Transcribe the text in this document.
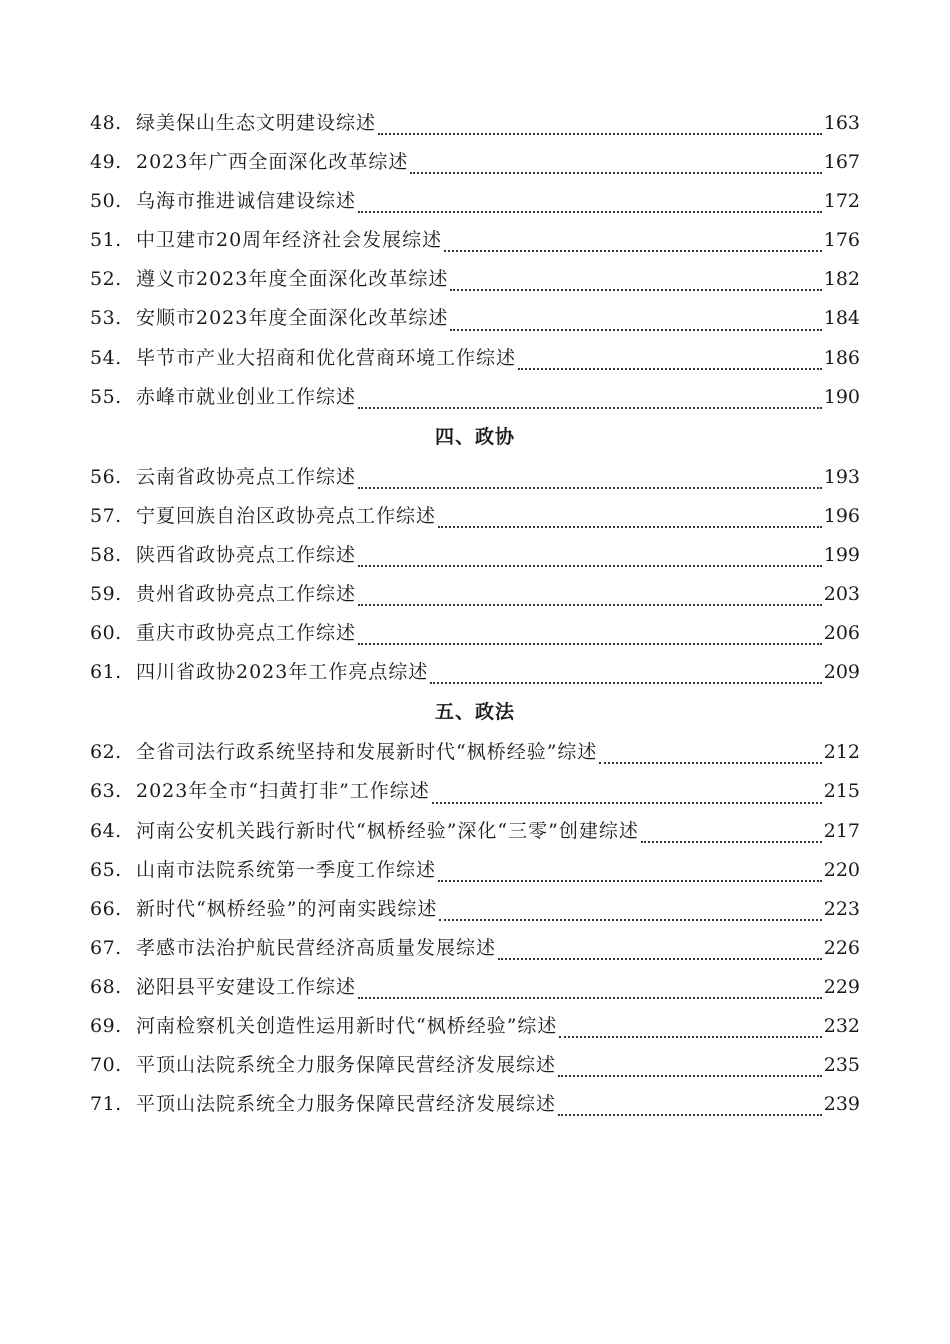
48. 绿美保山生态文明建设综述	163
49. 2023年广西全面深化改革综述	167
50. 乌海市推进诚信建设综述	172
51. 中卫建市20周年经济社会发展综述	176
52. 遵义市2023年度全面深化改革综述	182
53. 安顺市2023年度全面深化改革综述	184
54. 毕节市产业大招商和优化营商环境工作综述	186
55. 赤峰市就业创业工作综述	190
四、政协
56. 云南省政协亮点工作综述	193
57. 宁夏回族自治区政协亮点工作综述	196
58. 陕西省政协亮点工作综述	199
59. 贵州省政协亮点工作综述	203
60. 重庆市政协亮点工作综述	206
61. 四川省政协2023年工作亮点综述	209
五、政法
62. 全省司法行政系统坚持和发展新时代“枫桥经验”综述	212
63. 2023年全市“扫黄打非”工作综述	215
64. 河南公安机关践行新时代“枫桥经验”深化“三零”创建综述	217
65. 山南市法院系统第一季度工作综述	220
66. 新时代“枫桥经验”的河南实践综述	223
67. 孝感市法治护航民营经济高质量发展综述	226
68. 泌阳县平安建设工作综述	229
69. 河南检察机关创造性运用新时代“枫桥经验”综述	232
70. 平顶山法院系统全力服务保障民营经济发展综述	235
71. 平顶山法院系统全力服务保障民营经济发展综述	239
